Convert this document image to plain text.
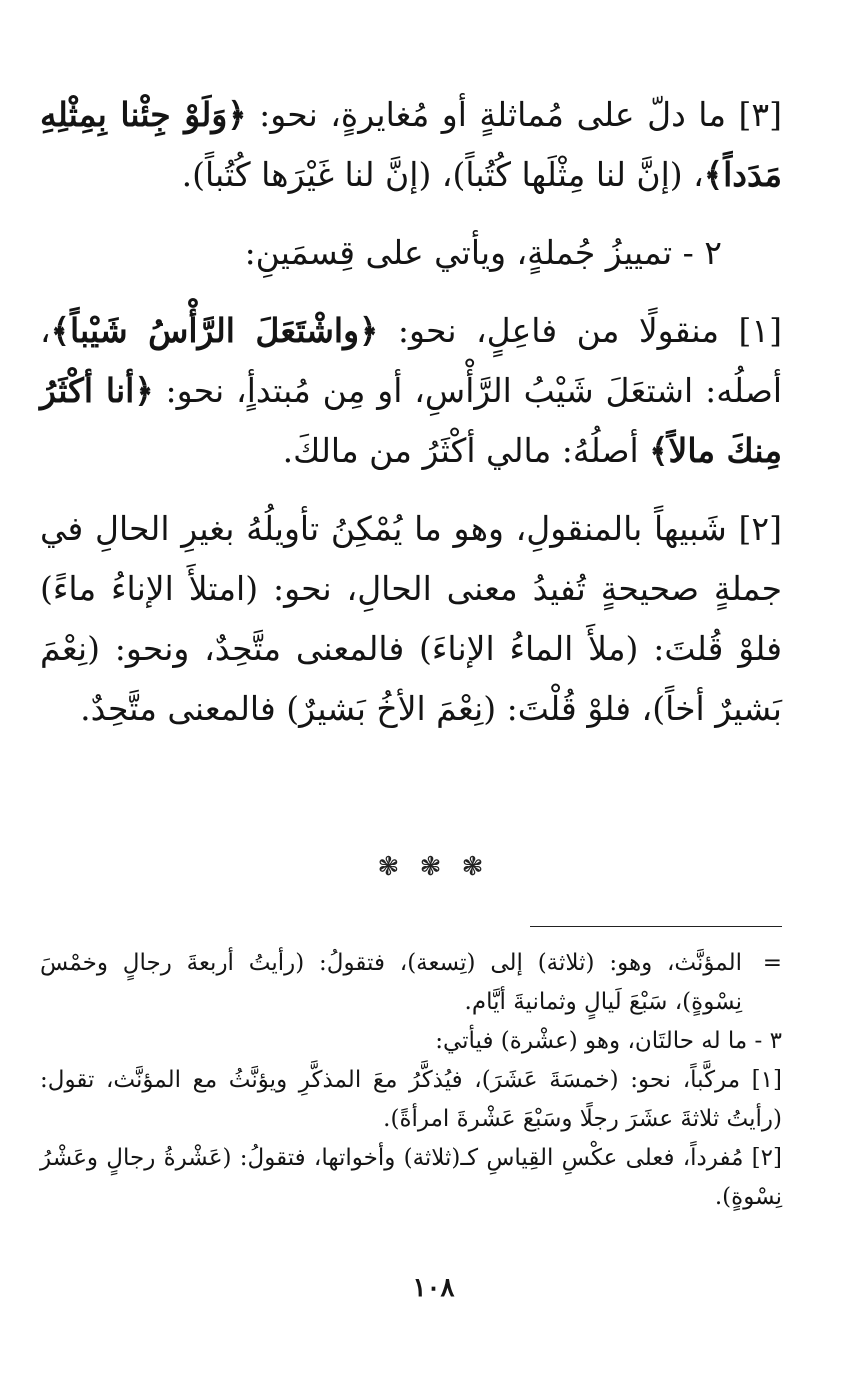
[٣] ما دلّ على مُماثلةٍ أو مُغايرةٍ، نحو: ﴿وَلَوْ جِئْنا بِمِثْلِهِ مَدَداً﴾، (إنَّ لنا مِثْلَها كُتُباً)، (إنَّ لنا غَيْرَها كُتُباً).

٢ - تمييزُ جُملةٍ، ويأتي على قِسمَينِ:

[١] منقولًا من فاعِلٍ، نحو: ﴿واشْتَعَلَ الرَّأْسُ شَيْباً﴾، أصلُه: اشتعَلَ شَيْبُ الرَّأْسِ، أو مِن مُبتدأٍ، نحو: ﴿أنا أكْثَرُ مِنكَ مالاً﴾ أصلُهُ: مالي أكْثَرُ من مالكَ.

[٢] شَبيهاً بالمنقولِ، وهو ما يُمْكِنُ تأويلُهُ بغيرِ الحالِ في جملةٍ صحيحةٍ تُفيدُ معنى الحالِ، نحو: (امتلأَ الإناءُ ماءً) فلوْ قُلتَ: (ملأَ الماءُ الإناءَ) فالمعنى متَّحِدٌ، ونحو: (نِعْمَ بَشيرٌ أخاً)، فلوْ قُلْتَ: (نِعْمَ الأخُ بَشيرٌ) فالمعنى متَّحِدٌ.

❃ ❃ ❃

=
المؤنَّث، وهو: (ثلاثة) إلى (تِسعة)، فتقولُ: (رأيتُ أربعةَ رجالٍ وخمْسَ نِسْوةٍ)، سَبْعَ لَيالٍ وثمانيةَ أيَّام.

٣ - ما له حالتَان، وهو (عشْرة) فيأتي:

[١] مركَّباً، نحو: (خمسَةَ عَشَرَ)، فيُذكَّرُ معَ المذكَّرِ ويؤنَّثُ مع المؤنَّث، تقول: (رأيتُ ثلاثةَ عشَرَ رجلًا وسَبْعَ عَشْرةَ امرأةً).

[٢] مُفرداً، فعلى عكْسِ القِياسِ كـ(ثلاثة) وأخواتها، فتقولُ: (عَشْرةُ رجالٍ وعَشْرُ نِسْوةٍ).

١٠٨
